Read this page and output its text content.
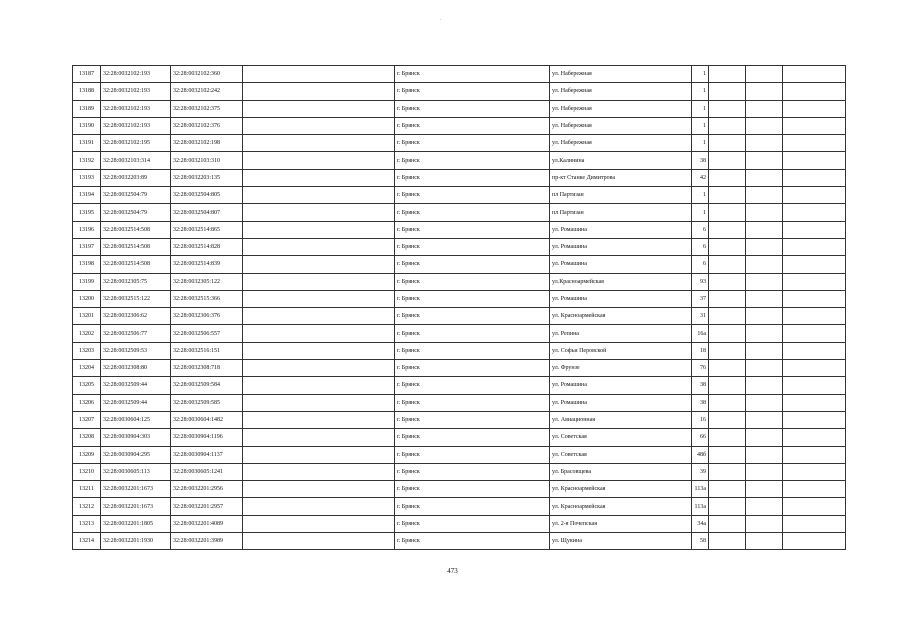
.
13187	32:28:0032102:193	32:28:0032102:360		г. Брянск	ул. Набережная	1			
13188	32:28:0032102:193	32:28:0032102:242		г. Брянск	ул. Набережная	1			
13189	32:28:0032102:193	32:28:0032102:375		г. Брянск	ул. Набережная	1			
13190	32:28:0032102:193	32:28:0032102:376		г. Брянск	ул. Набережная	1			
13191	32:28:0032102:195	32:28:0032102:198		г. Брянск	ул. Набережная	1			
13192	32:28:0032103:314	32:28:0032103:310		г. Брянск	ул.Калинина	38			
13193	32:28:0032203:89	32:28:0032203:135		г. Брянск	пр-кт Станке Димитрова	42			
13194	32:28:0032504:79	32:28:0032504:805		г. Брянск	пл Партизан	1			
13195	32:28:0032504:79	32:28:0032504:807		г. Брянск	пл Партизан	1			
13196	32:28:0032514:508	32:28:0032514:865		г. Брянск	ул. Ромашина	6			
13197	32:28:0032514:508	32:28:0032514:828		г. Брянск	ул. Ромашина	6			
13198	32:28:0032514:508	32:28:0032514:839		г. Брянск	ул. Ромашина	6			
13199	32:28:0032305:75	32:28:0032305:122		г. Брянск	ул.Красноармейская	93			
13200	32:28:0032515:122	32:28:0032515:366		г. Брянск	ул. Ромашина	37			
13201	32:28:0032306:62	32:28:0032306:376		г. Брянск	ул. Красноармейская	31			
13202	32:28:0032506:77	32:28:0032506:557		г. Брянск	ул. Репина	16а			
13203	32:28:0032509:53	32:28:0032516:151		г. Брянск	ул. Софьи Перовской	18			
13204	32:28:0032308:80	32:28:0032308:718		г. Брянск	ул. Фрунзе	76			
13205	32:28:0032509:44	32:28:0032509:584		г. Брянск	ул. Ромашина	38			
13206	32:28:0032509:44	32:28:0032509:585		г. Брянск	ул. Ромашина	38			
13207	32:28:0030604:125	32:28:0030604:1482		г. Брянск	ул. Авиационная	16			
13208	32:28:0030904:303	32:28:0030904:1196		г. Брянск	ул. Советская	66			
13209	32:28:0030904:295	32:28:0030904:1137		г. Брянск	ул. Советская	48б			
13210	32:28:0030605:113	32:28:0030605:1241		г. Брянск	ул. Брасовщева	39			
13211	32:28:0032201:1673	32:28:0032201:2956		г. Брянск	ул. Красноармейская	113а			
13212	32:28:0032201:1673	32:28:0032201:2957		г. Брянск	ул. Красноармейская	113а			
13213	32:28:0032201:1805	32:28:0032201:4089		г. Брянск	ул. 2-я Почепская	34а			
13214	32:28:0032201:1930	32:28:0032201:3989		г. Брянск	ул. Щукина	58			
473
